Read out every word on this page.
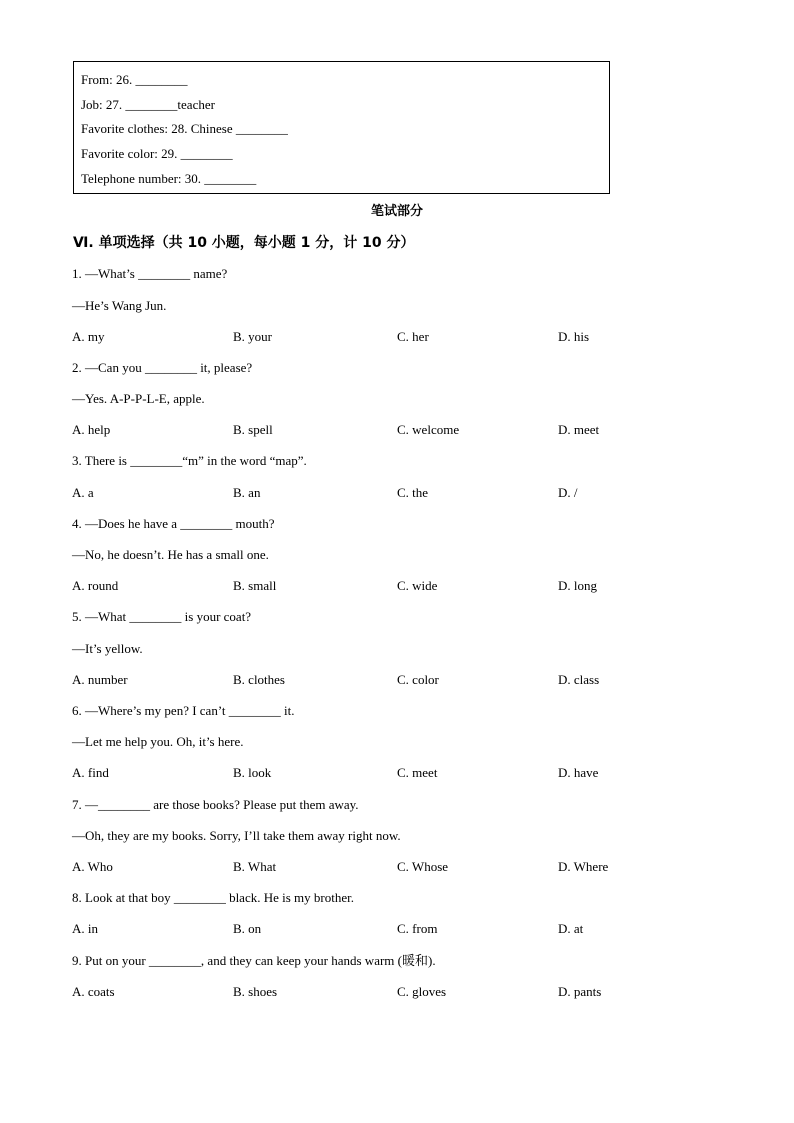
From: 26. ________
Job: 27. ________teacher
Favorite clothes: 28. Chinese ________
Favorite color: 29. ________
Telephone number: 30. ________
笔试部分
Ⅵ. 单项选择（共 10 小题，每小题 1 分，计 10 分）
1. —What’s ________ name?
—He’s Wang Jun.
A. my	B. your	C. her	D. his
2. —Can you ________ it, please?
—Yes. A-P-P-L-E, apple.
A. help	B. spell	C. welcome	D. meet
3. There is ________“m” in the word “map”.
A. a	B. an	C. the	D. /
4. —Does he have a ________ mouth?
—No, he doesn’t. He has a small one.
A. round	B. small	C. wide	D. long
5. —What ________ is your coat?
—It’s yellow.
A. number	B. clothes	C. color	D. class
6. —Where’s my pen? I can’t ________ it.
—Let me help you. Oh, it’s here.
A. find	B. look	C. meet	D. have
7. —________ are those books? Please put them away.
—Oh, they are my books. Sorry, I’ll take them away right now.
A. Who	B. What	C. Whose	D. Where
8. Look at that boy ________ black. He is my brother.
A. in	B. on	C. from	D. at
9. Put on your ________, and they can keep your hands warm (暖和).
A. coats	B. shoes	C. gloves	D. pants
